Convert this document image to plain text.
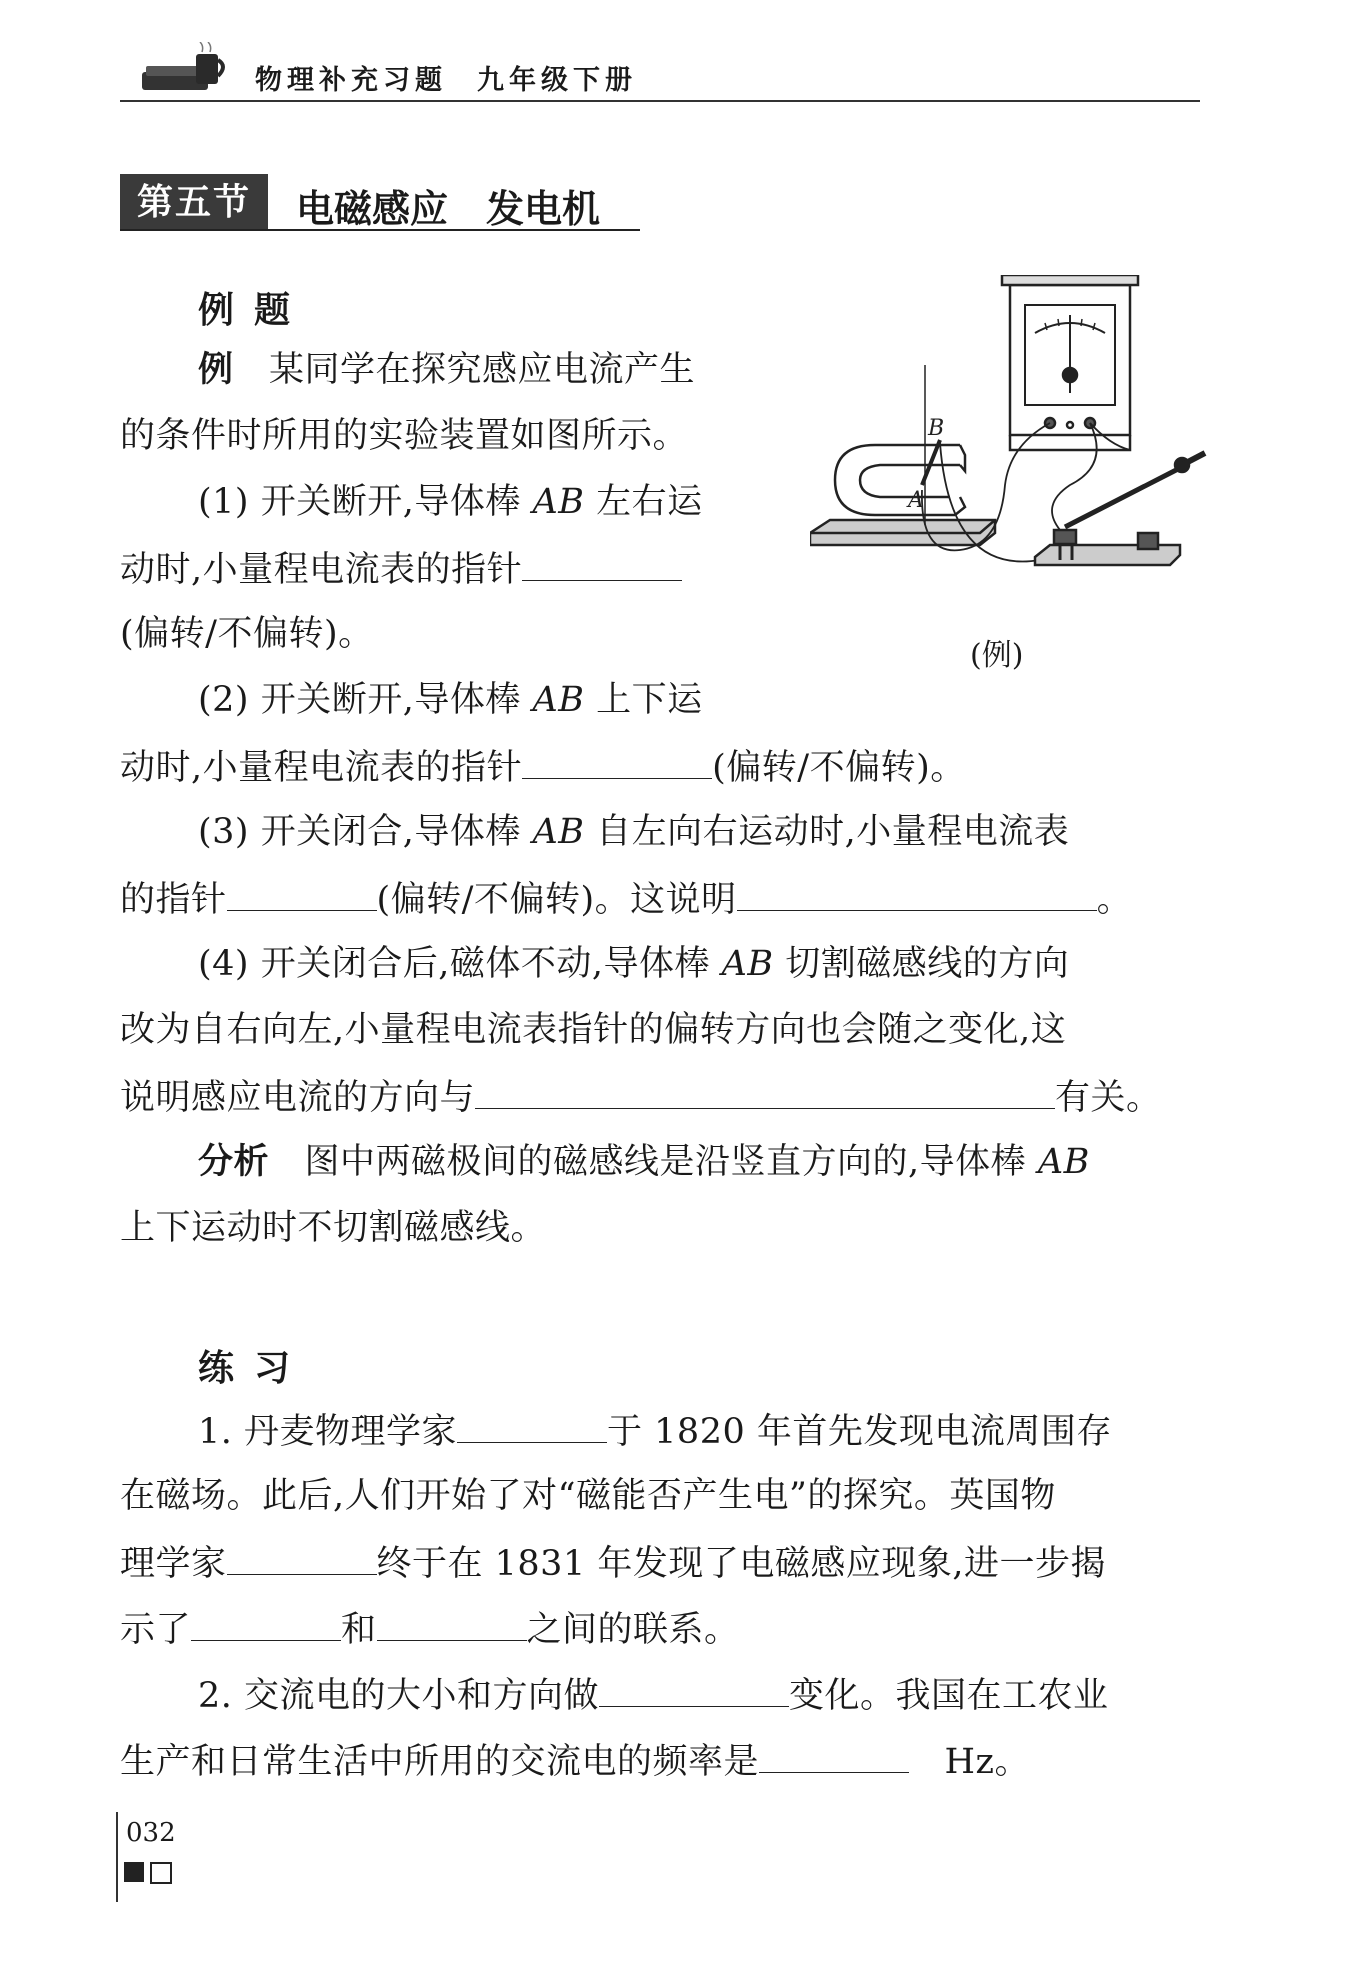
物理补充习题 九年级下册
第五节	电磁感应　发电机
例题
例　 某同学在探究感应电流产生
的条件时所用的实验装置如图所示。
(1) 开关断开,导体棒 AB 左右运
动时,小量程电流表的指针
(偏转/不偏转)。
(2) 开关断开,导体棒 AB 上下运
动时,小量程电流表的指针	(偏转/不偏转)。
(3) 开关闭合,导体棒 AB 自左向右运动时,小量程电流表
的指针	(偏转/不偏转)。这说明	。
(4) 开关闭合后,磁体不动,导体棒 AB 切割磁感线的方向
改为自右向左,小量程电流表指针的偏转方向也会随之变化,这
说明感应电流的方向与	有关。
分析　 图中两磁极间的磁感线是沿竖直方向的,导体棒 AB
上下运动时不切割磁感线。
A
B
(例)
练习
1. 丹麦物理学家	于 1820 年首先发现电流周围存
在磁场。此后,人们开始了对“磁能否产生电”的探究。英国物
理学家	终于在 1831 年发现了电磁感应现象,进一步揭
示了	和	之间的联系。
2. 交流电的大小和方向做	变化。我国在工农业
生产和日常生活中所用的交流电的频率是　	Hz。
032
